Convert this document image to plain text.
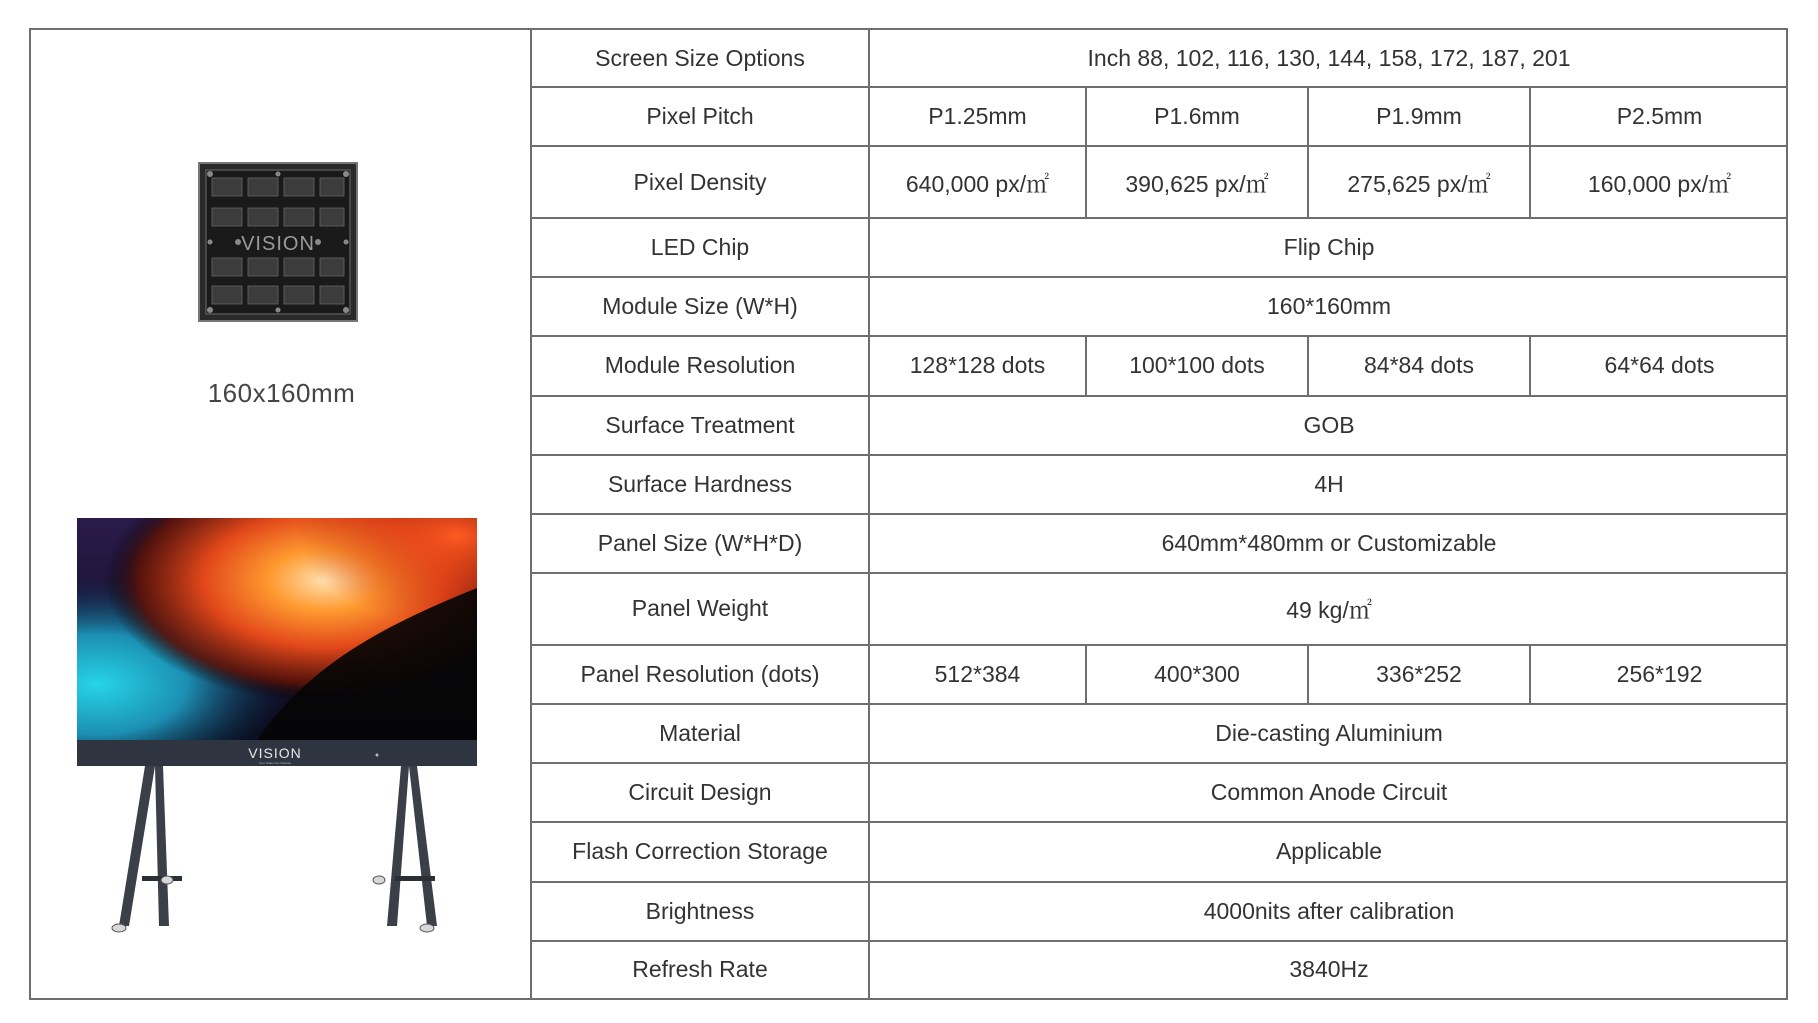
VISION
160x160mm
VISION
Your Vision Our Passion
Screen Size Options	Inch 88, 102, 116, 130, 144, 158, 172, 187, 201			
Pixel Pitch	P1.25mm	P1.6mm	P1.9mm	P2.5mm
Pixel Density	640,000 px/㎡	390,625 px/㎡	275,625 px/㎡	160,000 px/㎡
LED Chip	Flip Chip			
Module Size (W*H)	160*160mm			
Module Resolution	128*128 dots	100*100 dots	84*84 dots	64*64 dots
Surface Treatment	GOB			
Surface Hardness	4H			
Panel Size (W*H*D)	640mm*480mm or Customizable			
Panel Weight	49 kg/㎡			
Panel Resolution (dots)	512*384	400*300	336*252	256*192
Material	Die-casting Aluminium			
Circuit Design	Common Anode Circuit			
Flash Correction Storage	Applicable			
Brightness	4000nits after calibration			
Refresh Rate	3840Hz			
